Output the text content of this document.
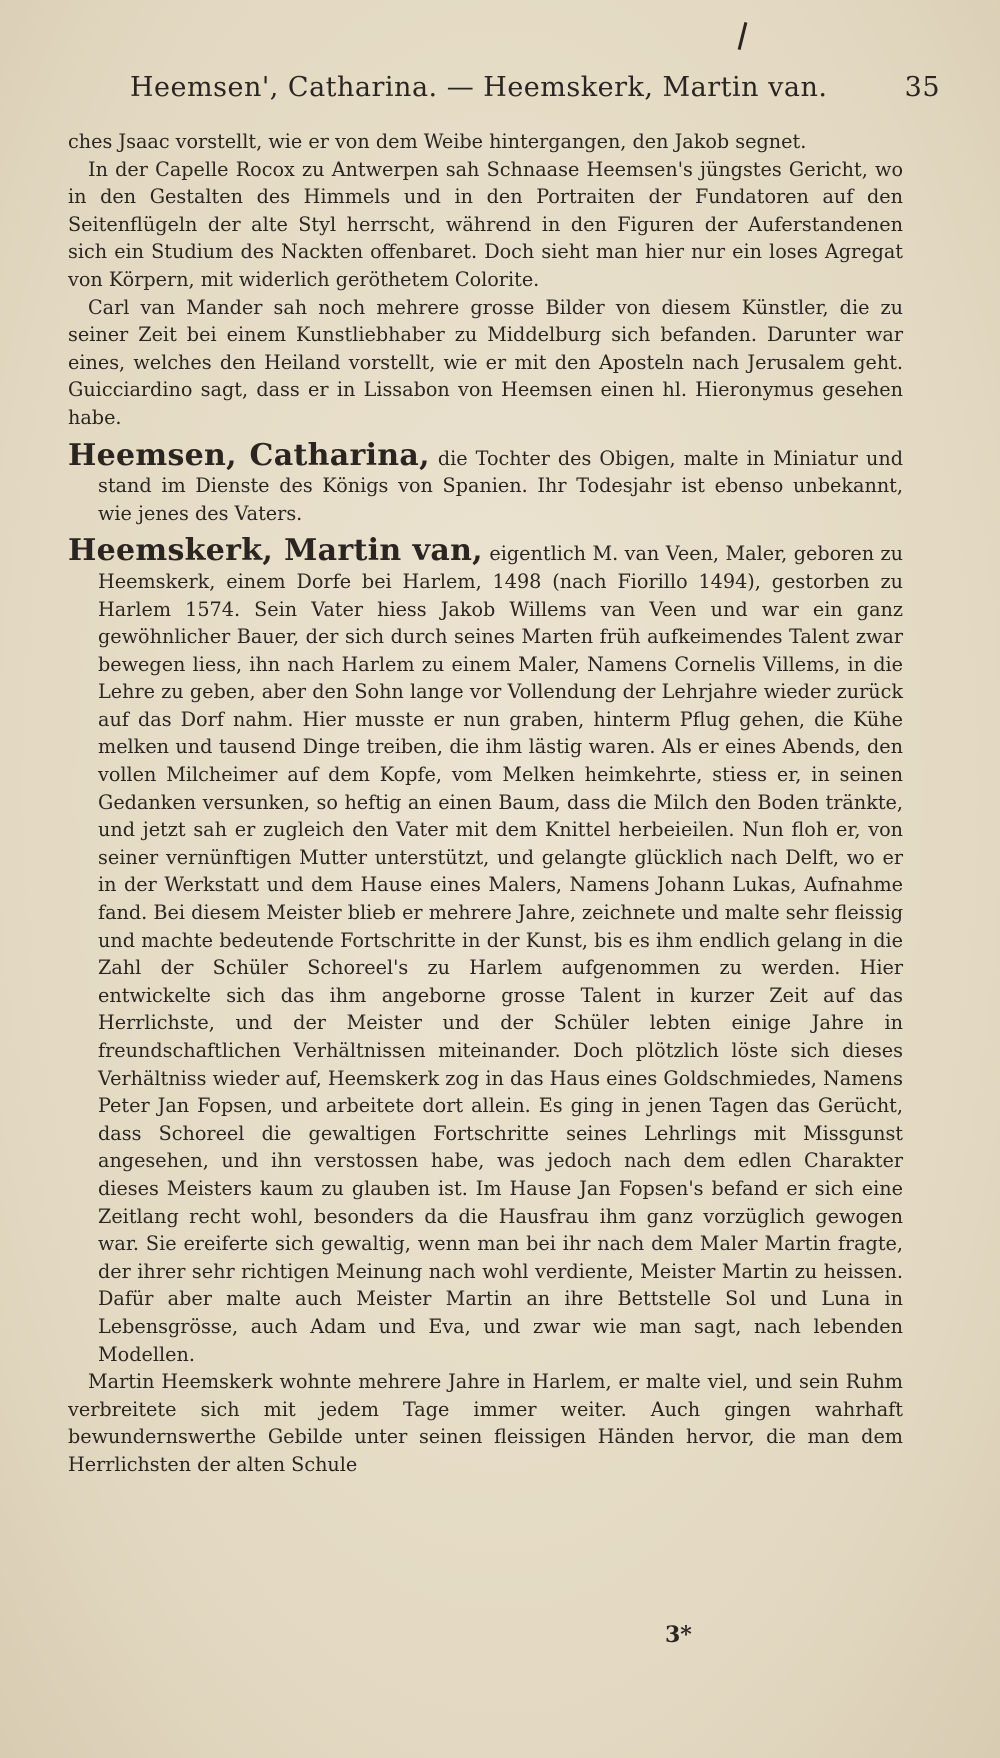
Heemsen', Catharina. — Heemskerk, Martin van.	35

ches Jsaac vorstellt, wie er von dem Weibe hintergangen, den Jakob segnet.

In der Capelle Rocox zu Antwerpen sah Schnaase Heemsen's jüngstes Gericht, wo in den Gestalten des Himmels und in den Portraiten der Fundatoren auf den Seitenflügeln der alte Styl herrscht, während in den Figuren der Auferstandenen sich ein Studium des Nackten offenbaret. Doch sieht man hier nur ein loses Agregat von Körpern, mit widerlich geröthetem Colorite.

Carl van Mander sah noch mehrere grosse Bilder von diesem Künstler, die zu seiner Zeit bei einem Kunstliebhaber zu Middelburg sich befanden. Darunter war eines, welches den Heiland vorstellt, wie er mit den Aposteln nach Jerusalem geht. Guicciardino sagt, dass er in Lissabon von Heemsen einen hl. Hieronymus gesehen habe.

Heemsen, Catharina, die Tochter des Obigen, malte in Miniatur und stand im Dienste des Königs von Spanien. Ihr Todesjahr ist ebenso unbekannt, wie jenes des Vaters.

Heemskerk, Martin van, eigentlich M. van Veen, Maler, geboren zu Heemskerk, einem Dorfe bei Harlem, 1498 (nach Fiorillo 1494), gestorben zu Harlem 1574. Sein Vater hiess Jakob Willems van Veen und war ein ganz gewöhnlicher Bauer, der sich durch seines Marten früh aufkeimendes Talent zwar bewegen liess, ihn nach Harlem zu einem Maler, Namens Cornelis Villems, in die Lehre zu geben, aber den Sohn lange vor Vollendung der Lehrjahre wieder zurück auf das Dorf nahm. Hier musste er nun graben, hinterm Pflug gehen, die Kühe melken und tausend Dinge treiben, die ihm lästig waren. Als er eines Abends, den vollen Milcheimer auf dem Kopfe, vom Melken heimkehrte, stiess er, in seinen Gedanken versunken, so heftig an einen Baum, dass die Milch den Boden tränkte, und jetzt sah er zugleich den Vater mit dem Knittel herbeieilen. Nun floh er, von seiner vernünftigen Mutter unterstützt, und gelangte glücklich nach Delft, wo er in der Werkstatt und dem Hause eines Malers, Namens Johann Lukas, Aufnahme fand. Bei diesem Meister blieb er mehrere Jahre, zeichnete und malte sehr fleissig und machte bedeutende Fortschritte in der Kunst, bis es ihm endlich gelang in die Zahl der Schüler Schoreel's zu Harlem aufgenommen zu werden. Hier entwickelte sich das ihm angeborne grosse Talent in kurzer Zeit auf das Herrlichste, und der Meister und der Schüler lebten einige Jahre in freundschaftlichen Verhältnissen miteinander. Doch plötzlich löste sich dieses Verhältniss wieder auf, Heemskerk zog in das Haus eines Goldschmiedes, Namens Peter Jan Fopsen, und arbeitete dort allein. Es ging in jenen Tagen das Gerücht, dass Schoreel die gewaltigen Fortschritte seines Lehrlings mit Missgunst angesehen, und ihn verstossen habe, was jedoch nach dem edlen Charakter dieses Meisters kaum zu glauben ist. Im Hause Jan Fopsen's befand er sich eine Zeitlang recht wohl, besonders da die Hausfrau ihm ganz vorzüglich gewogen war. Sie ereiferte sich gewaltig, wenn man bei ihr nach dem Maler Martin fragte, der ihrer sehr richtigen Meinung nach wohl verdiente, Meister Martin zu heissen. Dafür aber malte auch Meister Martin an ihre Bettstelle Sol und Luna in Lebensgrösse, auch Adam und Eva, und zwar wie man sagt, nach lebenden Modellen.

Martin Heemskerk wohnte mehrere Jahre in Harlem, er malte viel, und sein Ruhm verbreitete sich mit jedem Tage immer weiter. Auch gingen wahrhaft bewundernswerthe Gebilde unter seinen fleissigen Händen hervor, die man dem Herrlichsten der alten Schule

3*
